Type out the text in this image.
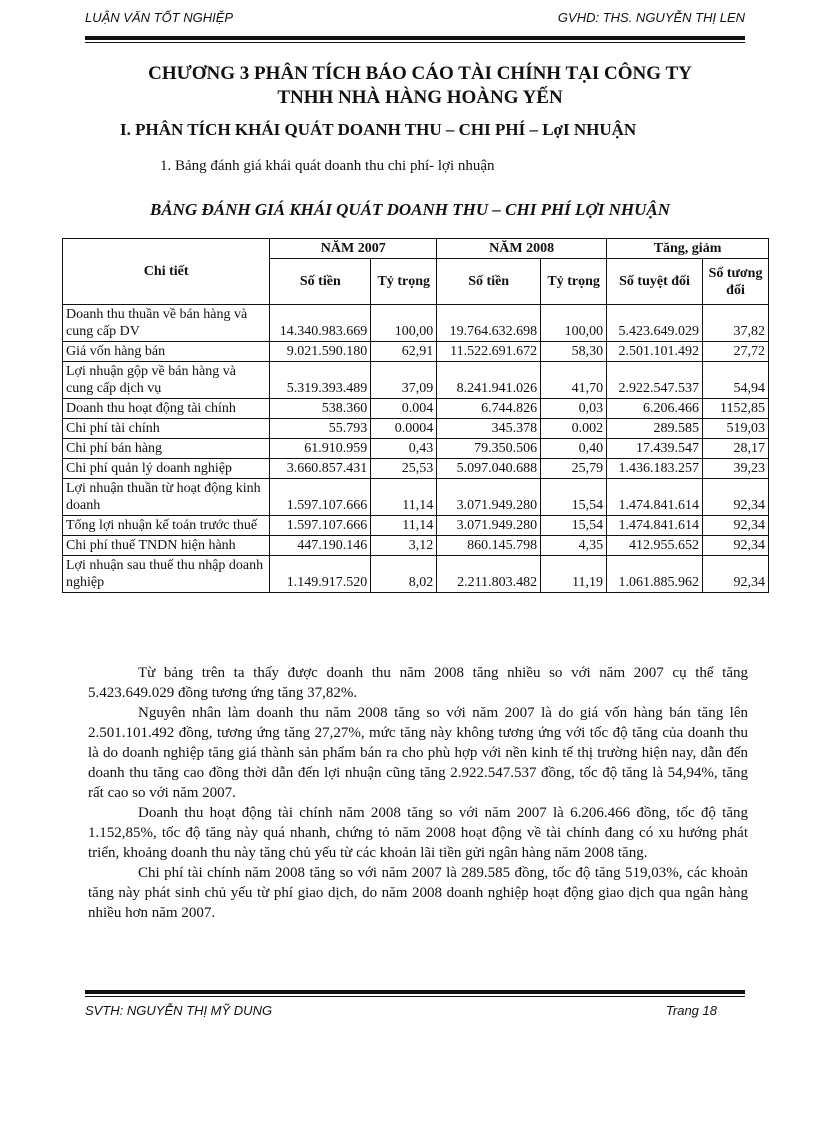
LUẬN VĂN TỐT NGHIỆP	GVHD: THS. NGUYỄN THỊ LEN
CHƯƠNG 3 PHÂN TÍCH BÁO CÁO TÀI CHÍNH TẠI CÔNG TY
TNHH NHÀ HÀNG HOÀNG YẾN
I. PHÂN TÍCH KHÁI QUÁT DOANH THU – CHI PHÍ – LợI NHUẬN
1. Bảng đánh giá khái quát doanh thu chi phí- lợi nhuận
BẢNG ĐÁNH GIÁ KHÁI QUÁT DOANH THU – CHI PHÍ LỢI NHUẬN
Chi tiết	NĂM 2007		NĂM 2008		Tăng, giảm	
	Số tiền	Tỷ trọng	Số tiền	Tỷ trọng	Số tuyệt đối	Số tương đối
Doanh thu thuần về bán hàng và cung cấp DV	14.340.983.669	100,00	19.764.632.698	100,00	5.423.649.029	37,82
Giá vốn hàng bán	9.021.590.180	62,91	11.522.691.672	58,30	2.501.101.492	27,72
Lợi nhuận gộp về bán hàng và cung cấp dịch vụ	5.319.393.489	37,09	8.241.941.026	41,70	2.922.547.537	54,94
Doanh thu hoạt động tài chính	538.360	0.004	6.744.826	0,03	6.206.466	1152,85
Chi phí tài chính	55.793	0.0004	345.378	0.002	289.585	519,03
Chi phí bán hàng	61.910.959	0,43	79.350.506	0,40	17.439.547	28,17
Chi phí quản lý doanh nghiệp	3.660.857.431	25,53	5.097.040.688	25,79	1.436.183.257	39,23
Lợi nhuận thuần từ hoạt động kinh doanh	1.597.107.666	11,14	3.071.949.280	15,54	1.474.841.614	92,34
Tổng lợi nhuận kế toán trước thuế	1.597.107.666	11,14	3.071.949.280	15,54	1.474.841.614	92,34
Chi phí thuế TNDN hiện hành	447.190.146	3,12	860.145.798	4,35	412.955.652	92,34
Lợi nhuận sau thuế thu nhập doanh nghiệp	1.149.917.520	8,02	2.211.803.482	11,19	1.061.885.962	92,34

Từ bảng trên ta thấy được doanh thu năm 2008 tăng nhiều so với năm 2007 cụ thể tăng 5.423.649.029 đồng tương ứng tăng 37,82%.

Nguyên nhân làm doanh thu năm 2008 tăng so với năm 2007 là do giá vốn hàng bán tăng lên 2.501.101.492 đồng, tương ứng tăng 27,27%, mức tăng này không tương ứng với tốc độ tăng của doanh thu là do doanh nghiệp tăng giá thành sản phẩm bán ra cho phù hợp với nền kinh tế thị trường hiện nay, dẫn đến doanh thu tăng cao đồng thời dẫn đến lợi nhuận cũng tăng 2.922.547.537 đồng, tốc độ tăng là 54,94%, tăng rất cao so với năm 2007.

Doanh thu hoạt động tài chính năm 2008 tăng so với năm 2007 là 6.206.466 đồng, tốc độ tăng 1.152,85%, tốc độ tăng này quá nhanh, chứng tỏ năm 2008 hoạt động về tài chính đang có xu hướng phát triển, khoảng doanh thu này tăng chủ yếu từ các khoản lãi tiền gửi ngân hàng năm 2008 tăng.

Chi phí tài chính năm 2008 tăng so với năm 2007 là 289.585 đồng, tốc độ tăng 519,03%, các khoản tăng này phát sinh chủ yếu từ phí giao dịch, do năm 2008 doanh nghiệp hoạt động giao dịch qua ngân hàng nhiều hơn năm 2007.

SVTH: NGUYỄN THỊ MỸ DUNG	Trang 18
